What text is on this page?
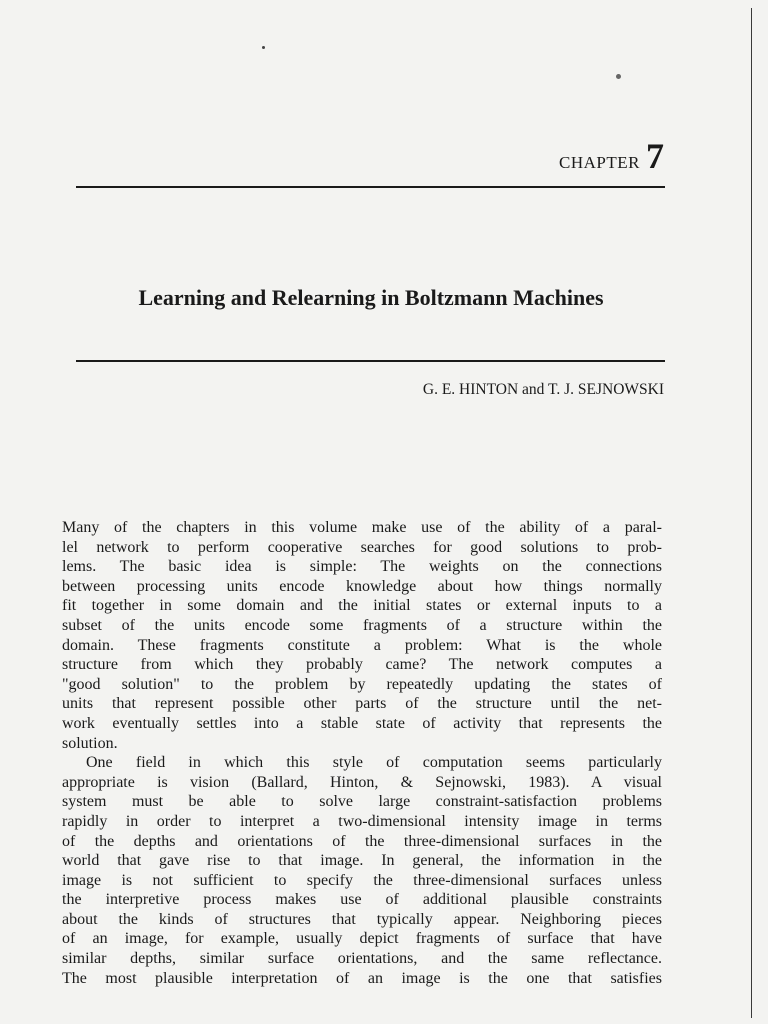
CHAPTER 7
Learning and Relearning in Boltzmann Machines
G. E. HINTON and T. J. SEJNOWSKI

Many of the chapters in this volume make use of the ability of a paral-

lel network to perform cooperative searches for good solutions to prob-

lems. The basic idea is simple: The weights on the connections

between processing units encode knowledge about how things normally

fit together in some domain and the initial states or external inputs to a

subset of the units encode some fragments of a structure within the

domain. These fragments constitute a problem: What is the whole

structure from which they probably came? The network computes a

"good solution" to the problem by repeatedly updating the states of

units that represent possible other parts of the structure until the net-

work eventually settles into a stable state of activity that represents the

solution.

One field in which this style of computation seems particularly

appropriate is vision (Ballard, Hinton, & Sejnowski, 1983). A visual

system must be able to solve large constraint-satisfaction problems

rapidly in order to interpret a two-dimensional intensity image in terms

of the depths and orientations of the three-dimensional surfaces in the

world that gave rise to that image. In general, the information in the

image is not sufficient to specify the three-dimensional surfaces unless

the interpretive process makes use of additional plausible constraints

about the kinds of structures that typically appear. Neighboring pieces

of an image, for example, usually depict fragments of surface that have

similar depths, similar surface orientations, and the same reflectance.

The most plausible interpretation of an image is the one that satisfies
